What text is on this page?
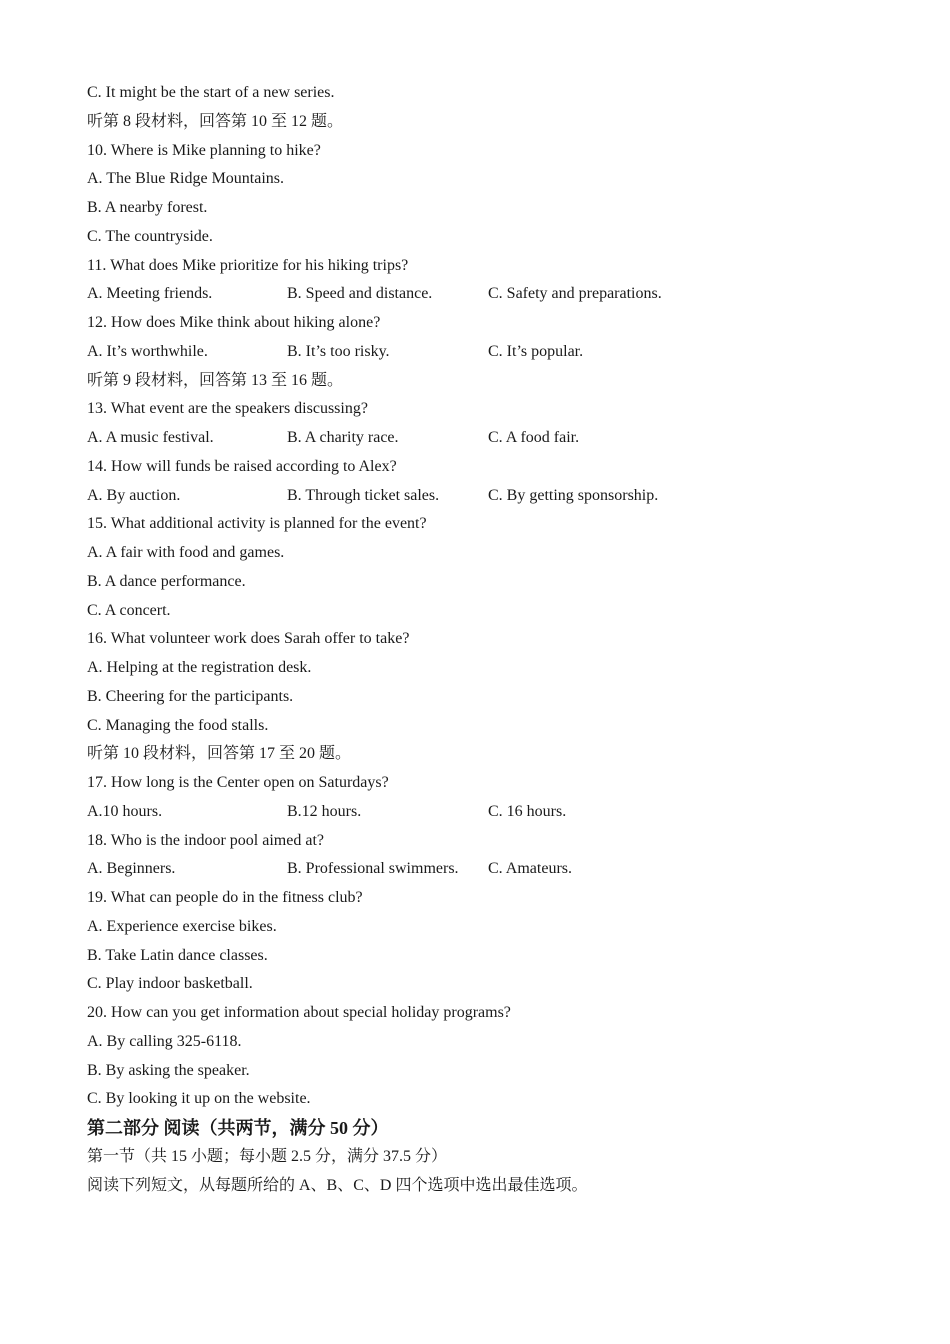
C. It might be the start of a new series.
听第 8 段材料，回答第 10 至 12 题。
10. Where is Mike planning to hike?
A. The Blue Ridge Mountains.
B. A nearby forest.
C. The countryside.
11. What does Mike prioritize for his hiking trips?
A. Meeting friends.	B. Speed and distance.	C. Safety and preparations.
12. How does Mike think about hiking alone?
A. It’s worthwhile.	B. It’s too risky.	C. It’s popular.
听第 9 段材料，回答第 13 至 16 题。
13. What event are the speakers discussing?
A. A music festival.	B. A charity race.	C. A food fair.
14. How will funds be raised according to Alex?
A. By auction.	B. Through ticket sales.	C. By getting sponsorship.
15. What additional activity is planned for the event?
A. A fair with food and games.
B. A dance performance.
C. A concert.
16. What volunteer work does Sarah offer to take?
A. Helping at the registration desk.
B. Cheering for the participants.
C. Managing the food stalls.
听第 10 段材料，回答第 17 至 20 题。
17. How long is the Center open on Saturdays?
A.10 hours.	B.12 hours.	C. 16 hours.
18. Who is the indoor pool aimed at?
A. Beginners.	B. Professional swimmers. C. Amateurs.
19. What can people do in the fitness club?
A. Experience exercise bikes.
B. Take Latin dance classes.
C. Play indoor basketball.
20. How can you get information about special holiday programs?
A. By calling 325-6118.
B. By asking the speaker.
C. By looking it up on the website.
第二部分 阅读（共两节，满分 50 分）
第一节（共 15 小题；每小题 2.5 分，满分 37.5 分）
阅读下列短文，从每题所给的 A、B、C、D 四个选项中选出最佳选项。
